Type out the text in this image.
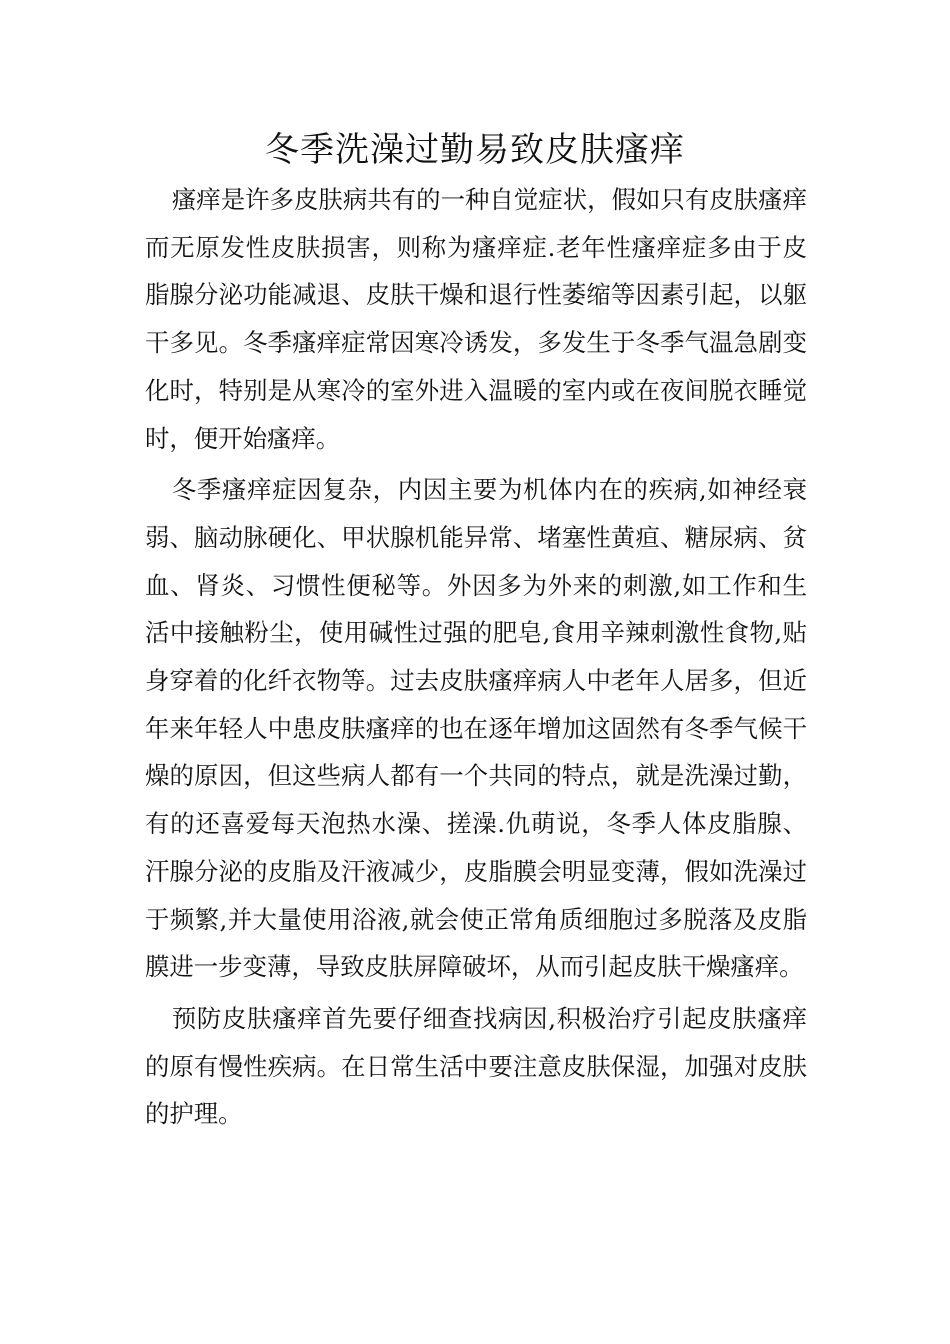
冬季洗澡过勤易致皮肤瘙痒

瘙痒是许多皮肤病共有的一种自觉症状，假如只有皮肤瘙痒而无原发性皮肤损害，则称为瘙痒症.老年性瘙痒症多由于皮脂腺分泌功能减退、皮肤干燥和退行性萎缩等因素引起，以躯干多见。冬季瘙痒症常因寒冷诱发，多发生于冬季气温急剧变化时，特别是从寒冷的室外进入温暖的室内或在夜间脱衣睡觉时，便开始瘙痒。

冬季瘙痒症因复杂，内因主要为机体内在的疾病,如神经衰弱、脑动脉硬化、甲状腺机能异常、堵塞性黄疸、糖尿病、贫血、肾炎、习惯性便秘等。外因多为外来的刺激,如工作和生活中接触粉尘，使用碱性过强的肥皂,食用辛辣刺激性食物,贴身穿着的化纤衣物等。过去皮肤瘙痒病人中老年人居多，但近年来年轻人中患皮肤瘙痒的也在逐年增加这固然有冬季气候干燥的原因，但这些病人都有一个共同的特点，就是洗澡过勤，有的还喜爱每天泡热水澡、搓澡.仇萌说，冬季人体皮脂腺、汗腺分泌的皮脂及汗液减少，皮脂膜会明显变薄，假如洗澡过于频繁,并大量使用浴液,就会使正常角质细胞过多脱落及皮脂膜进一步变薄，导致皮肤屏障破坏，从而引起皮肤干燥瘙痒。

预防皮肤瘙痒首先要仔细查找病因,积极治疗引起皮肤瘙痒的原有慢性疾病。在日常生活中要注意皮肤保湿，加强对皮肤的护理。
